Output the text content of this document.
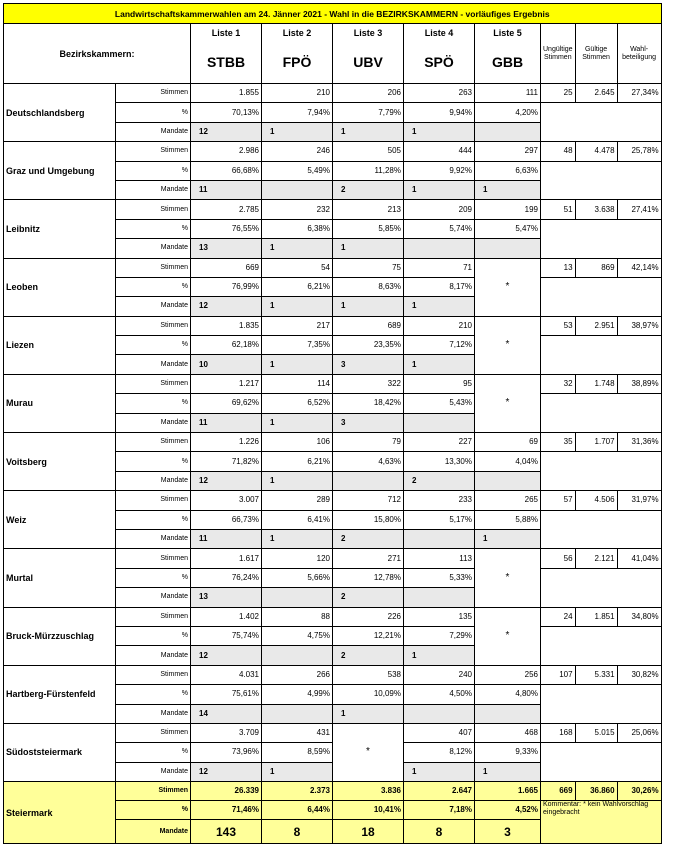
Landwirtschaftskammerwahlen am 24. Jänner 2021 - Wahl in die BEZIRKSKAMMERN - vorläufiges Ergebnis									
Bezirkskammern:		Liste 1	Liste 2	Liste 3	Liste 4	Liste 5	Ungültige Stimmen	Gültige Stimmen	Wahl-beteiligung
		STBB	FPÖ	UBV	SPÖ	GBB			
Deutschlandsberg	Stimmen	1.855	210	206	263	111	25	2.645	27,34%
	%	70,13%	7,94%	7,79%	9,94%	4,20%			
	Mandate	12	1	1	1				
Graz und Umgebung	Stimmen	2.986	246	505	444	297	48	4.478	25,78%
	%	66,68%	5,49%	11,28%	9,92%	6,63%			
	Mandate	11		2	1	1			
Leibnitz	Stimmen	2.785	232	213	209	199	51	3.638	27,41%
	%	76,55%	6,38%	5,85%	5,74%	5,47%			
	Mandate	13	1	1					
Leoben	Stimmen	669	54	75	71	*	13	869	42,14%
	%	76,99%	6,21%	8,63%	8,17%				
	Mandate	12	1	1	1				
Liezen	Stimmen	1.835	217	689	210	*	53	2.951	38,97%
	%	62,18%	7,35%	23,35%	7,12%				
	Mandate	10	1	3	1				
Murau	Stimmen	1.217	114	322	95	*	32	1.748	38,89%
	%	69,62%	6,52%	18,42%	5,43%				
	Mandate	11	1	3					
Voitsberg	Stimmen	1.226	106	79	227	69	35	1.707	31,36%
	%	71,82%	6,21%	4,63%	13,30%	4,04%			
	Mandate	12	1		2				
Weiz	Stimmen	3.007	289	712	233	265	57	4.506	31,97%
	%	66,73%	6,41%	15,80%	5,17%	5,88%			
	Mandate	11	1	2		1			
Murtal	Stimmen	1.617	120	271	113	*	56	2.121	41,04%
	%	76,24%	5,66%	12,78%	5,33%				
	Mandate	13		2					
Bruck-Mürzzuschlag	Stimmen	1.402	88	226	135	*	24	1.851	34,80%
	%	75,74%	4,75%	12,21%	7,29%				
	Mandate	12		2	1				
Hartberg-Fürstenfeld	Stimmen	4.031	266	538	240	256	107	5.331	30,82%
	%	75,61%	4,99%	10,09%	4,50%	4,80%			
	Mandate	14		1					
Südoststeiermark	Stimmen	3.709	431	*	407	468	168	5.015	25,06%
	%	73,96%	8,59%		8,12%	9,33%			
	Mandate	12	1		1	1			
Steiermark	Stimmen	26.339	2.373	3.836	2.647	1.665	669	36.860	30,26%
	%	71,46%	6,44%	10,41%	7,18%	4,52%	Kommentar: * kein Wahlvorschlag eingebracht		
	Mandate	143	8	18	8	3			
